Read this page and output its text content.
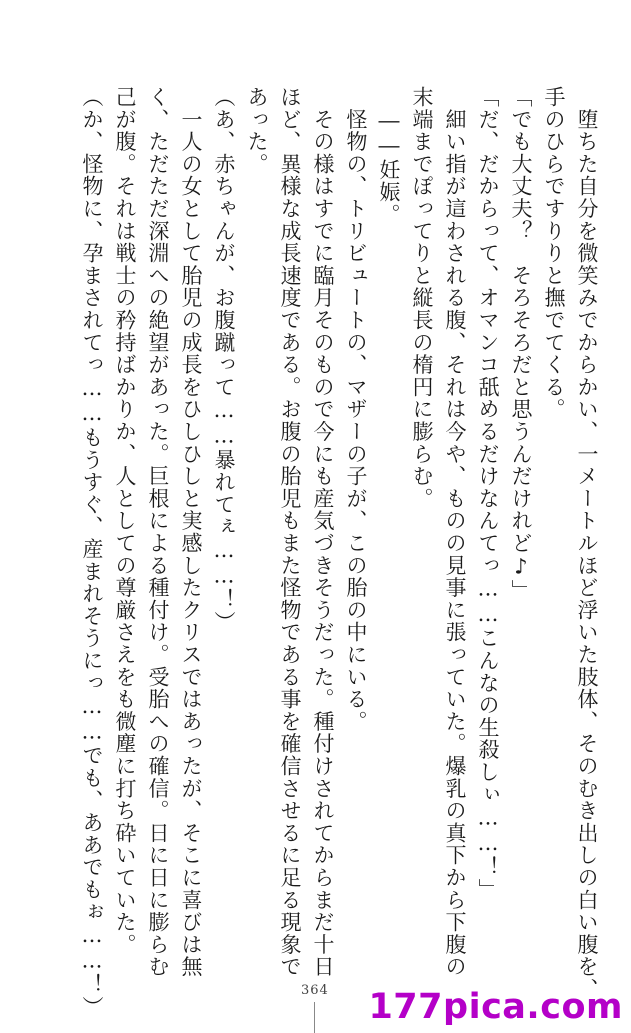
　堕ちた自分を微笑みでからかい、一メートルほど浮いた肢体、そのむき出しの白い腹を、

手のひらですりりと撫でてくる。

「でも大丈夫？　そろそろだと思うんだけれど♪」

「だ、だからって、オマンコ舐めるだけなんてっ……こんなの生殺しぃ……！」

　細い指が這わされる腹、それは今や、ものの見事に張っていた。爆乳の真下から下腹の

末端までぽってりと縦長の楕円に膨らむ。

　――妊娠。

　怪物の、トリビュートの、マザーの子が、この胎の中にいる。

　その様はすでに臨月そのもので今にも産気づきそうだった。種付けされてからまだ十日

ほど、異様な成長速度である。お腹の胎児もまた怪物である事を確信させるに足る現象で

あった。

（あ、赤ちゃんが、お腹蹴って……暴れてぇ……！）

　一人の女として胎児の成長をひしひしと実感したクリスではあったが、そこに喜びは無

く、ただただ深淵への絶望があった。巨根による種付け。受胎への確信。日に日に膨らむ

己が腹。それは戦士の矜持ばかりか、人としての尊厳さえをも微塵に打ち砕いていた。

（か、怪物に、孕まされてっ……もうすぐ、産まれそうにっ……でも、ああでもぉ……！）	364 177pica.com
